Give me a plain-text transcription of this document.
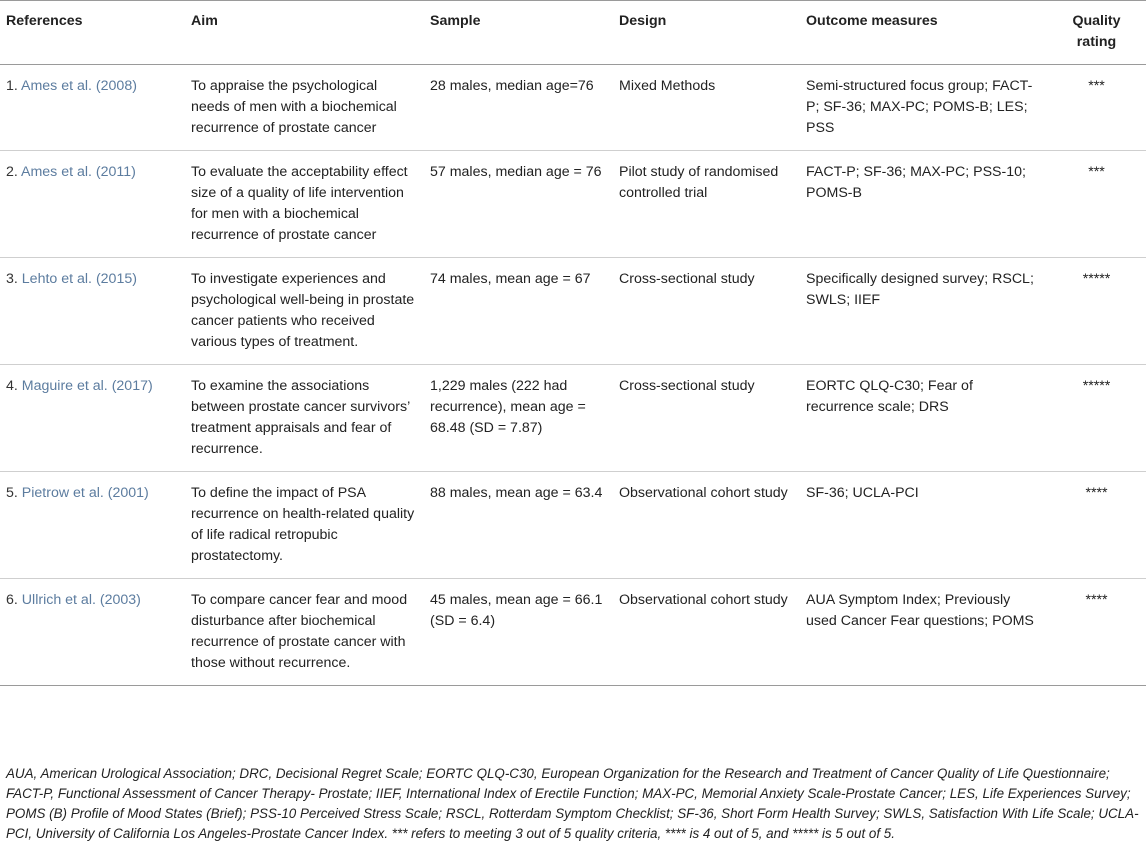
References	Aim	Sample	Design	Outcome measures	Quality rating
1. Ames et al. (2008)	To appraise the psychological needs of men with a biochemical recurrence of prostate cancer	28 males, median age=76	Mixed Methods	Semi-structured focus group; FACT-P; SF-36; MAX-PC; POMS-B; LES; PSS	***
2. Ames et al. (2011)	To evaluate the acceptability effect size of a quality of life intervention for men with a biochemical recurrence of prostate cancer	57 males, median age = 76	Pilot study of randomised controlled trial	FACT-P; SF-36; MAX-PC; PSS-10; POMS-B	***
3. Lehto et al. (2015)	To investigate experiences and psychological well-being in prostate cancer patients who received various types of treatment.	74 males, mean age = 67	Cross-sectional study	Specifically designed survey; RSCL; SWLS; IIEF	*****
4. Maguire et al. (2017)	To examine the associations between prostate cancer survivors’ treatment appraisals and fear of recurrence.	1,229 males (222 had recurrence), mean age = 68.48 (SD = 7.87)	Cross-sectional study	EORTC QLQ-C30; Fear of recurrence scale; DRS	*****
5. Pietrow et al. (2001)	To define the impact of PSA recurrence on health-related quality of life radical retropubic prostatectomy.	88 males, mean age = 63.4	Observational cohort study	SF-36; UCLA-PCI	****
6. Ullrich et al. (2003)	To compare cancer fear and mood disturbance after biochemical recurrence of prostate cancer with those without recurrence.	45 males, mean age = 66.1 (SD = 6.4)	Observational cohort study	AUA Symptom Index; Previously used Cancer Fear questions; POMS	****
AUA, American Urological Association; DRC, Decisional Regret Scale; EORTC QLQ-C30, European Organization for the Research and Treatment of Cancer Quality of Life Questionnaire; FACT-P, Functional Assessment of Cancer Therapy- Prostate; IIEF, International Index of Erectile Function; MAX-PC, Memorial Anxiety Scale-Prostate Cancer; LES, Life Experiences Survey; POMS (B) Profile of Mood States (Brief); PSS-10 Perceived Stress Scale; RSCL, Rotterdam Symptom Checklist; SF-36, Short Form Health Survey; SWLS, Satisfaction With Life Scale; UCLA-PCI, University of California Los Angeles-Prostate Cancer Index. *** refers to meeting 3 out of 5 quality criteria, **** is 4 out of 5, and ***** is 5 out of 5.
